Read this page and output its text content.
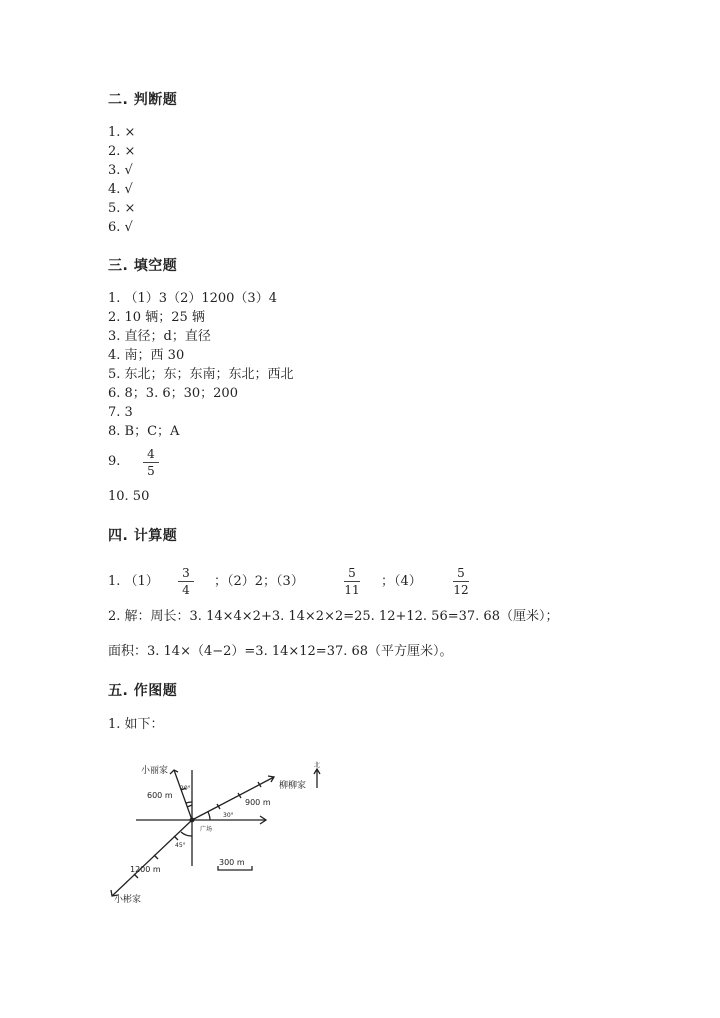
二. 判断题
1. ×
2. ×
3. √
4. √
5. ×
6. √
三. 填空题
1. （1）3（2）1200（3）4
2. 10 辆；25 辆
3. 直径；d；直径
4. 南；西 30
5. 东北；东；东南；东北；西北
6. 8；3. 6；30；200
7. 3
8. B；C；A
9.	4
5
10. 50
四. 计算题
1. （1）
3
4
；（2）2；（3）
5
11
；（4）
5
12
2. 解：周长：3. 14×4×2+3. 14×2×2=25. 12+12. 56=37. 68（厘米）；
面积：3. 14×（4−2）=3. 14×12=37. 68（平方厘米）。
五. 作图题
1. 如下：
小丽家
柳柳家
小彬家
广场
北
600 m
900 m
1200 m
300 m
20°
30°
45°
